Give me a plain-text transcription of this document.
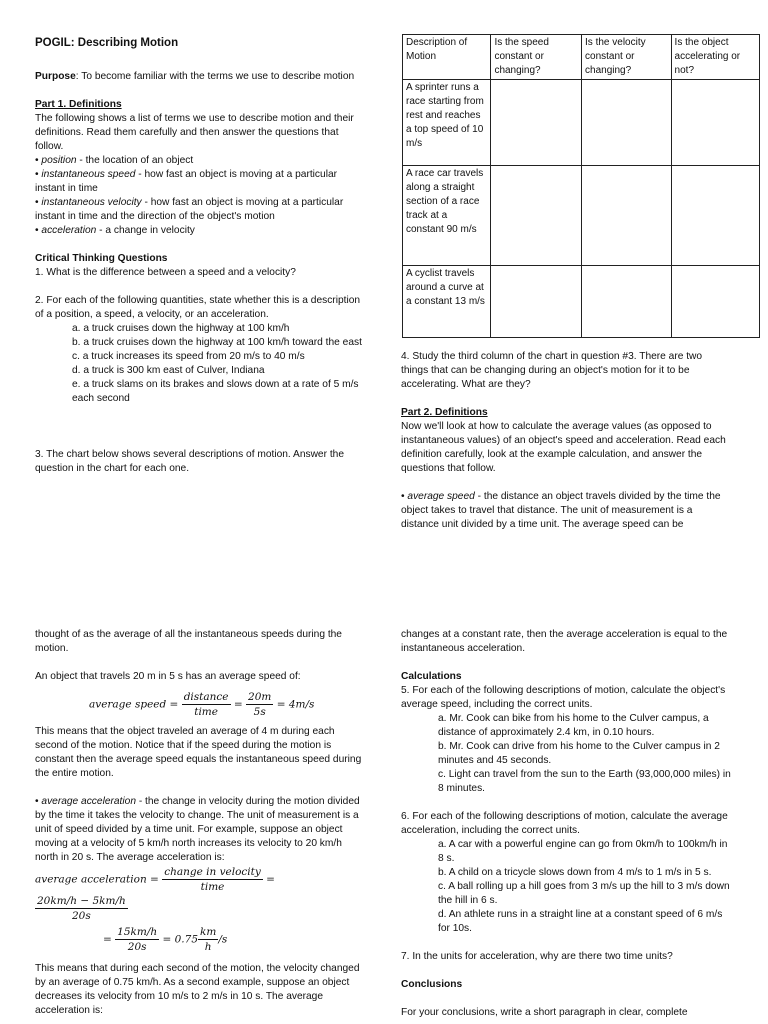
POGIL: Describing Motion

Purpose: To become familiar with the terms we use to describe motion

Part 1. Definitions

The following shows a list of terms we use to describe motion and their definitions. Read them carefully and then answer the questions that follow.

• position - the location of an object

• instantaneous speed - how fast an object is moving at a particular instant in time

• instantaneous velocity - how fast an object is moving at a particular instant in time and the direction of the object's motion

• acceleration - a change in velocity

Critical Thinking Questions

1. What is the difference between a speed and a velocity?

2. For each of the following quantities, state whether this is a description of a position, a speed, a velocity, or an acceleration.

a. a truck cruises down the highway at 100 km/h

b. a truck cruises down the highway at 100 km/h toward the east

c. a truck increases its speed from 20 m/s to 40 m/s

d. a truck is 300 km east of Culver, Indiana

e. a truck slams on its brakes and slows down at a rate of 5 m/s each second

3. The chart below shows several descriptions of motion. Answer the question in the chart for each one.

Description of Motion	Is the speed constant or changing?	Is the velocity constant or changing?	Is the object accelerating or not?
A sprinter runs a race starting from rest and reaches a top speed of 10 m/s			
A race car travels along a straight section of a race track at a constant 90 m/s			
A cyclist travels around a curve at a constant 13 m/s			

4. Study the third column of the chart in question #3. There are two things that can be changing during an object's motion for it to be accelerating. What are they?

Part 2. Definitions

Now we'll look at how to calculate the average values (as opposed to instantaneous values) of an object's speed and acceleration. Read each definition carefully, look at the example calculation, and answer the questions that follow.

• average speed - the distance an object travels divided by the time the object takes to travel that distance. The unit of measurement is a distance unit divided by a time unit. The average speed can be

thought of as the average of all the instantaneous speeds during the motion.

An object that travels 20 m in 5 s has an average speed of:

average speed = $\frac{\text{distance}}{\text{time}} = \frac{20m}{5s} = 4m/s$

This means that the object traveled an average of 4 m during each second of the motion. Notice that if the speed during the motion is constant then the average speed equals the instantaneous speed during the entire motion.

• average acceleration - the change in velocity during the motion divided by the time it takes the velocity to change. The unit of measurement is a unit of speed divided by a time unit. For example, suppose an object moving at a velocity of 5 km/h north increases its velocity to 20 km/h north in 20 s. The average acceleration is:

average acceleration = $\frac{\text{change in velocity}}{\text{time}}$ =
$\frac{20km/h - 5km/h}{20s}$
= $\frac{15km/h}{20s} = 0.75 \frac{km}{h} /s$

This means that during each second of the motion, the velocity changed by an average of 0.75 km/h. As a second example, suppose an object decreases its velocity from 10 m/s to 2 m/s in 10 s. The average acceleration is:

changes at a constant rate, then the average acceleration is equal to the instantaneous acceleration.

Calculations

5. For each of the following descriptions of motion, calculate the object's average speed, including the correct units.

a. Mr. Cook can bike from his home to the Culver campus, a distance of approximately 2.4 km, in 0.10 hours.

b. Mr. Cook can drive from his home to the Culver campus in 2 minutes and 45 seconds.

c. Light can travel from the sun to the Earth (93,000,000 miles) in 8 minutes.

6. For each of the following descriptions of motion, calculate the average acceleration, including the correct units.

a. A car with a powerful engine can go from 0km/h to 100km/h in 8 s.

b. A child on a tricycle slows down from 4 m/s to 1 m/s in 5 s.

c. A ball rolling up a hill goes from 3 m/s up the hill to 3 m/s down the hill in 6 s.

d. An athlete runs in a straight line at a constant speed of 6 m/s for 10s.

7. In the units for acceleration, why are there two time units?

Conclusions

For your conclusions, write a short paragraph in clear, complete
